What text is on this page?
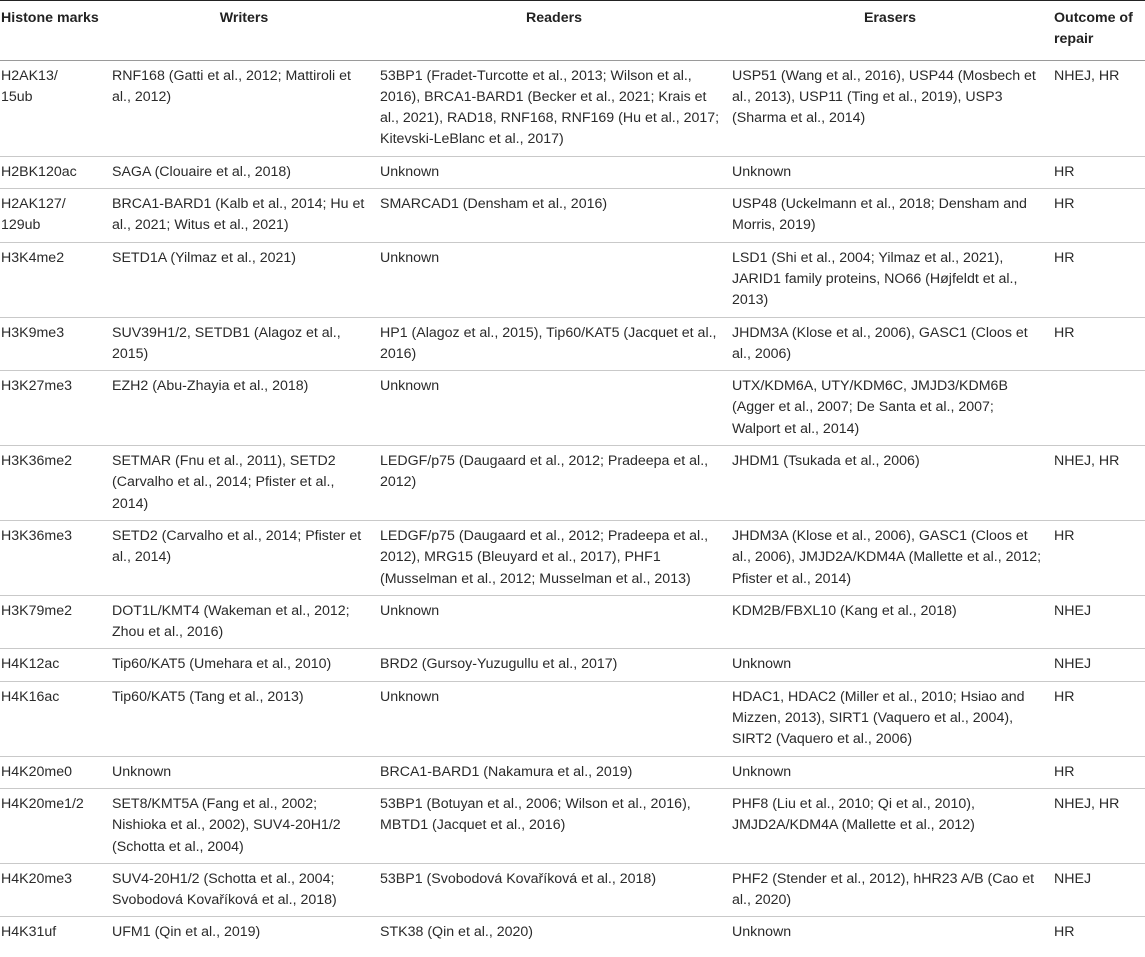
Histone marks	Writers	Readers	Erasers	Outcome of repair
H2AK13/
15ub	RNF168 (Gatti et al., 2012; Mattiroli et al., 2012)	53BP1 (Fradet-Turcotte et al., 2013; Wilson et al., 2016), BRCA1-BARD1 (Becker et al., 2021; Krais et al., 2021), RAD18, RNF168, RNF169 (Hu et al., 2017; Kitevski-LeBlanc et al., 2017)	USP51 (Wang et al., 2016), USP44 (Mosbech et al., 2013), USP11 (Ting et al., 2019), USP3 (Sharma et al., 2014)	NHEJ, HR
H2BK120ac	SAGA (Clouaire et al., 2018)	Unknown	Unknown	HR
H2AK127/
129ub	BRCA1-BARD1 (Kalb et al., 2014; Hu et al., 2021; Witus et al., 2021)	SMARCAD1 (Densham et al., 2016)	USP48 (Uckelmann et al., 2018; Densham and Morris, 2019)	HR
H3K4me2	SETD1A (Yilmaz et al., 2021)	Unknown	LSD1 (Shi et al., 2004; Yilmaz et al., 2021), JARID1 family proteins, NO66 (Højfeldt et al., 2013)	HR
H3K9me3	SUV39H1/2, SETDB1 (Alagoz et al., 2015)	HP1 (Alagoz et al., 2015), Tip60/KAT5 (Jacquet et al., 2016)	JHDM3A (Klose et al., 2006), GASC1 (Cloos et al., 2006)	HR
H3K27me3	EZH2 (Abu-Zhayia et al., 2018)	Unknown	UTX/KDM6A, UTY/KDM6C, JMJD3/KDM6B (Agger et al., 2007; De Santa et al., 2007; Walport et al., 2014)	
H3K36me2	SETMAR (Fnu et al., 2011), SETD2 (Carvalho et al., 2014; Pfister et al., 2014)	LEDGF/p75 (Daugaard et al., 2012; Pradeepa et al., 2012)	JHDM1 (Tsukada et al., 2006)	NHEJ, HR
H3K36me3	SETD2 (Carvalho et al., 2014; Pfister et al., 2014)	LEDGF/p75 (Daugaard et al., 2012; Pradeepa et al., 2012), MRG15 (Bleuyard et al., 2017), PHF1 (Musselman et al., 2012; Musselman et al., 2013)	JHDM3A (Klose et al., 2006), GASC1 (Cloos et al., 2006), JMJD2A/KDM4A (Mallette et al., 2012; Pfister et al., 2014)	HR
H3K79me2	DOT1L/KMT4 (Wakeman et al., 2012; Zhou et al., 2016)	Unknown	KDM2B/FBXL10 (Kang et al., 2018)	NHEJ
H4K12ac	Tip60/KAT5 (Umehara et al., 2010)	BRD2 (Gursoy-Yuzugullu et al., 2017)	Unknown	NHEJ
H4K16ac	Tip60/KAT5 (Tang et al., 2013)	Unknown	HDAC1, HDAC2 (Miller et al., 2010; Hsiao and Mizzen, 2013), SIRT1 (Vaquero et al., 2004), SIRT2 (Vaquero et al., 2006)	HR
H4K20me0	Unknown	BRCA1-BARD1 (Nakamura et al., 2019)	Unknown	HR
H4K20me1/2	SET8/KMT5A (Fang et al., 2002; Nishioka et al., 2002), SUV4-20H1/2 (Schotta et al., 2004)	53BP1 (Botuyan et al., 2006; Wilson et al., 2016), MBTD1 (Jacquet et al., 2016)	PHF8 (Liu et al., 2010; Qi et al., 2010), JMJD2A/KDM4A (Mallette et al., 2012)	NHEJ, HR
H4K20me3	SUV4-20H1/2 (Schotta et al., 2004; Svobodová Kovaříková et al., 2018)	53BP1 (Svobodová Kovaříková et al., 2018)	PHF2 (Stender et al., 2012), hHR23 A/B (Cao et al., 2020)	NHEJ
H4K31uf	UFM1 (Qin et al., 2019)	STK38 (Qin et al., 2020)	Unknown	HR
